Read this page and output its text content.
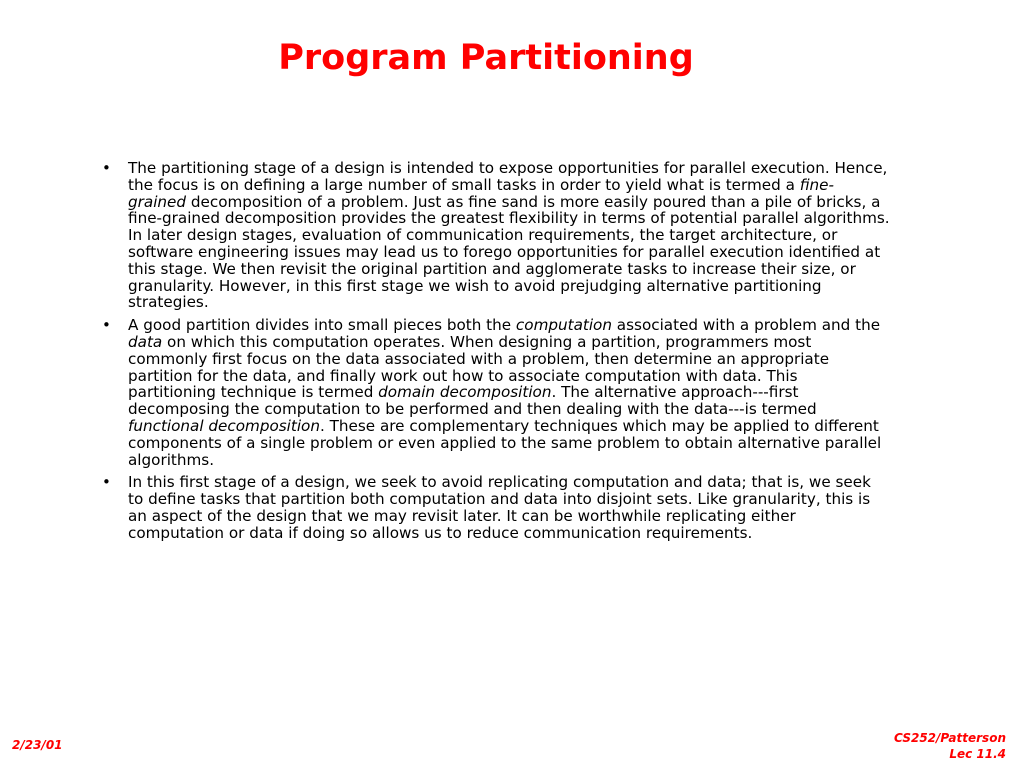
Program Partitioning
• The partitioning stage of a design is intended to expose opportunities for parallel execution. Hence, the focus is on defining a large number of small tasks in order to yield what is termed a fine-grained decomposition of a problem. Just as fine sand is more easily poured than a pile of bricks, a fine-grained decomposition provides the greatest flexibility in terms of potential parallel algorithms. In later design stages, evaluation of communication requirements, the target architecture, or software engineering issues may lead us to forego opportunities for parallel execution identified at this stage. We then revisit the original partition and agglomerate tasks to increase their size, or granularity. However, in this first stage we wish to avoid prejudging alternative partitioning strategies.
• A good partition divides into small pieces both the computation associated with a problem and the data on which this computation operates. When designing a partition, programmers most commonly first focus on the data associated with a problem, then determine an appropriate partition for the data, and finally work out how to associate computation with data. This partitioning technique is termed domain decomposition. The alternative approach---first decomposing the computation to be performed and then dealing with the data---is termed functional decomposition. These are complementary techniques which may be applied to different components of a single problem or even applied to the same problem to obtain alternative parallel algorithms.
• In this first stage of a design, we seek to avoid replicating computation and data; that is, we seek to define tasks that partition both computation and data into disjoint sets. Like granularity, this is an aspect of the design that we may revisit later. It can be worthwhile replicating either computation or data if doing so allows us to reduce communication requirements.
2/23/01	CS252/Patterson
Lec 11.4
